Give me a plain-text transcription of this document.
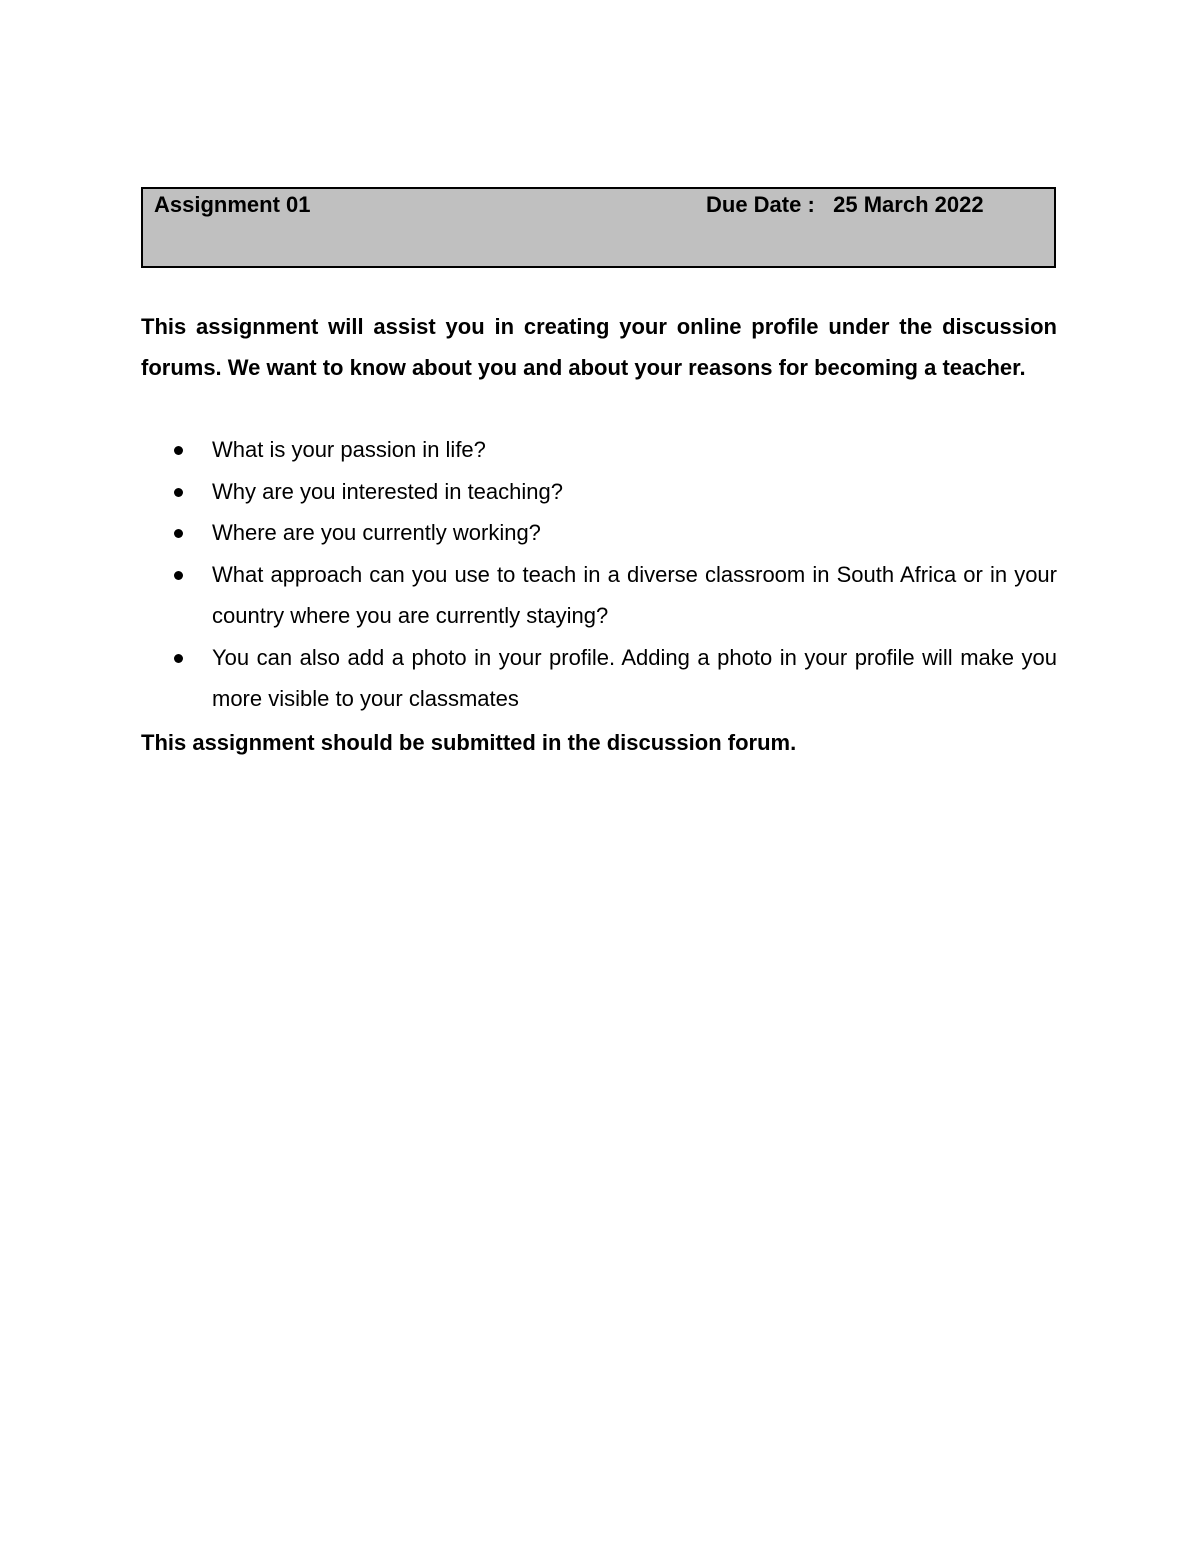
Assignment 01	Due Date :   25 March 2022
This assignment will assist you in creating your online profile under the discussion forums. We want to know about you and about your reasons for becoming a teacher.
What is your passion in life?
Why are you interested in teaching?
Where are you currently working?
What approach can you use to teach in a diverse classroom in South Africa or in your country where you are currently staying?
You can also add a photo in your profile. Adding a photo in your profile will make you more visible to your classmates
This assignment should be submitted in the discussion forum.
